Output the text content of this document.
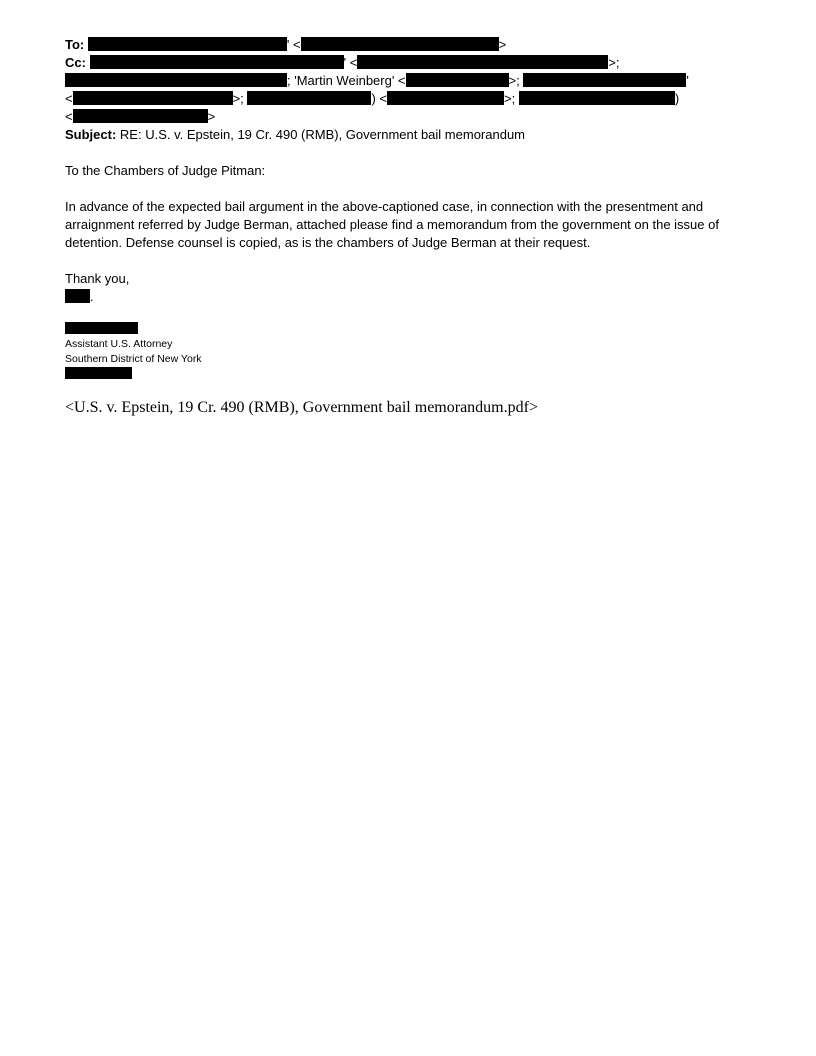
To:	' <	>
Cc:	' <	>;
; 'Martin Weinberg' <	>;	'
<	>;	) <	>;	)
<	>
Subject: RE: U.S. v. Epstein, 19 Cr. 490 (RMB), Government bail memorandum
To the Chambers of Judge Pitman:
In advance of the expected bail argument in the above-captioned case, in connection with the presentment and arraignment referred by Judge Berman, attached please find a memorandum from the government on the issue of detention. Defense counsel is copied, as is the chambers of Judge Berman at their request.
Thank you,
.
Assistant U.S. Attorney
Southern District of New York
<U.S. v. Epstein, 19 Cr. 490 (RMB), Government bail memorandum.pdf>
